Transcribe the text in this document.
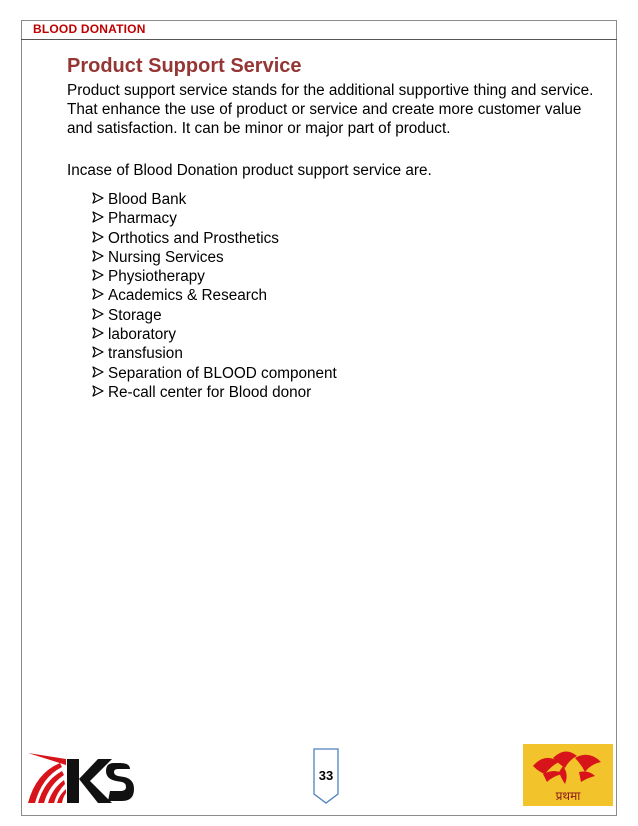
BLOOD DONATION
Product Support Service
Product support service stands for the additional supportive thing and service. That enhance the use of product or service and create more customer value and satisfaction. It can be minor or major part of product.
Incase of Blood Donation product support service are.
Blood Bank
Pharmacy
Orthotics and Prosthetics
Nursing Services
Physiotherapy
Academics & Research
Storage
laboratory
transfusion
Separation of BLOOD component
Re-call center for Blood donor
33
प्रथमा
